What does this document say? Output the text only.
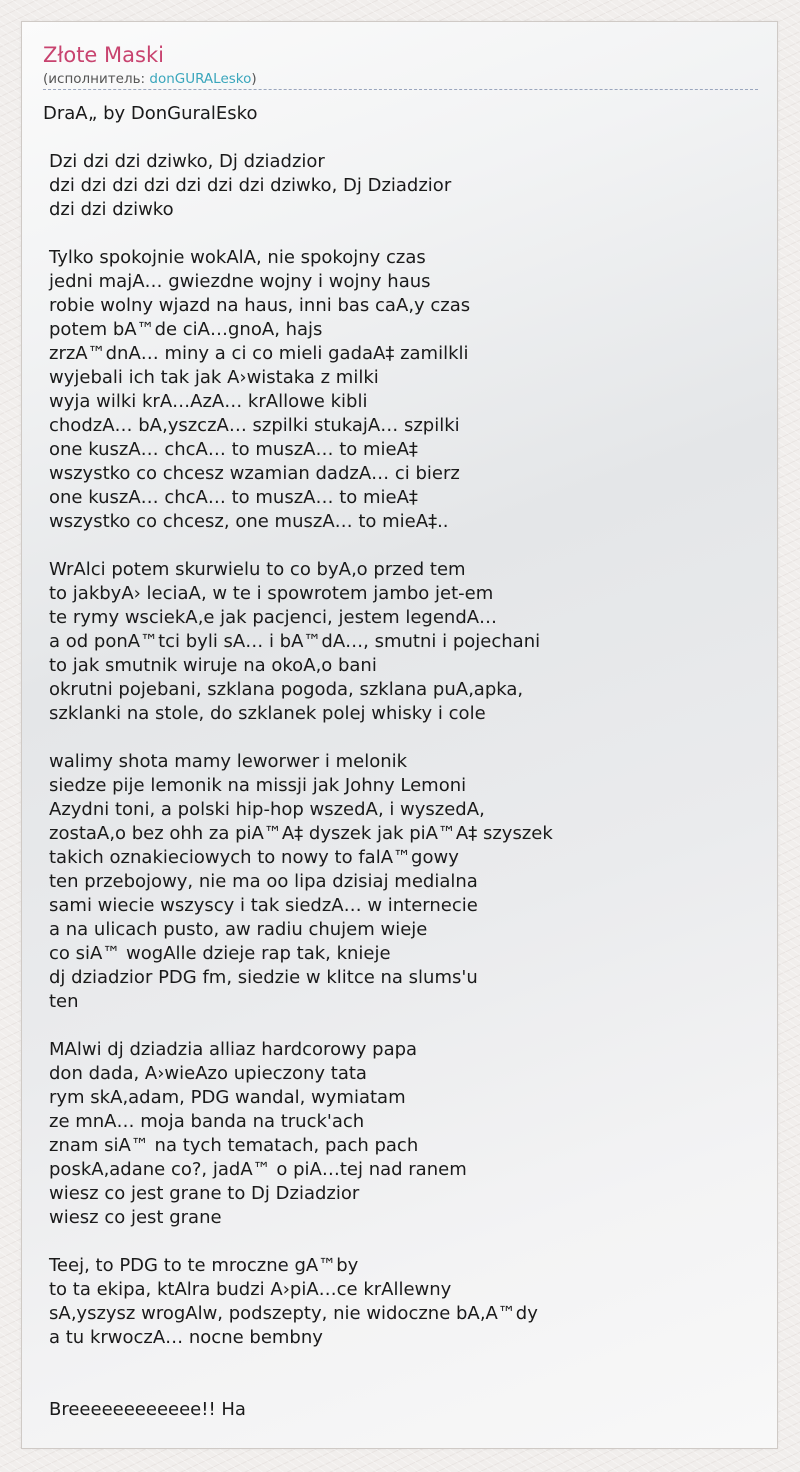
Złote Maski
(исполнитель: donGURALesko)
DraA„ by DonGuralEsko
Dzi dzi dzi dziwko, Dj dziadzior
dzi dzi dzi dzi dzi dzi dzi dziwko, Dj Dziadzior
dzi dzi dziwko

Tylko spokojnie wokAlA, nie spokojny czas
jedni majA… gwiezdne wojny i wojny haus
robie wolny wjazd na haus, inni bas caA‚y czas
potem bA™de ciA…gnoA‚ hajs
zrzA™dnA… miny a ci co mieli gadaA‡ zamilkli
wyjebali ich tak jak A›wistaka z milki
wyja wilki krA…AzA… krAllowe kibli
chodzA… bA‚yszczA… szpilki stukajA… szpilki
one kuszA… chcA… to muszA… to mieA‡
wszystko co chcesz wzamian dadzA… ci bierz
one kuszA… chcA… to muszA… to mieA‡
wszystko co chcesz, one muszA… to mieA‡..

WrAlci potem skurwielu to co byA‚o przed tem
to jakbyA› leciaA‚ w te i spowrotem jambo jet-em
te rymy wsciekA‚e jak pacjenci, jestem legendA…
a od ponA™tci byli sA… i bA™dA…, smutni i pojechani
to jak smutnik wiruje na okoA‚o bani
okrutni pojebani, szklana pogoda, szklana puA‚apka,
szklanki na stole, do szklanek polej whisky i cole

walimy shota mamy leworwer i melonik
siedze pije lemonik na missji jak Johny Lemoni
Azydni toni, a polski hip-hop wszedA‚ i wyszedA‚
zostaA‚o bez ohh za piA™A‡ dyszek jak piA™A‡ szyszek
takich oznakieciowych to nowy to falA™gowy
ten przebojowy, nie ma oo lipa dzisiaj medialna
sami wiecie wszyscy i tak siedzA… w internecie
a na ulicach pusto, aw radiu chujem wieje
co siA™ wogAlle dzieje rap tak, knieje
dj dziadzior PDG fm, siedzie w klitce na slums'u
ten

MAlwi dj dziadzia alliaz hardcorowy papa
don dada, A›wieAzo upieczony tata
rym skA‚adam, PDG wandal, wymiatam
ze mnA… moja banda na truck'ach
znam siA™ na tych tematach, pach pach
poskA‚adane co?, jadA™ o piA…tej nad ranem
wiesz co jest grane to Dj Dziadzior
wiesz co jest grane

Teej, to PDG to te mroczne gA™by
to ta ekipa, ktAlra budzi A›piA…ce krAllewny
sA‚yszysz wrogAlw, podszepty, nie widoczne bA‚A™dy
a tu krwoczA… nocne bembny

Breeeeeeeeeeee!! Ha
